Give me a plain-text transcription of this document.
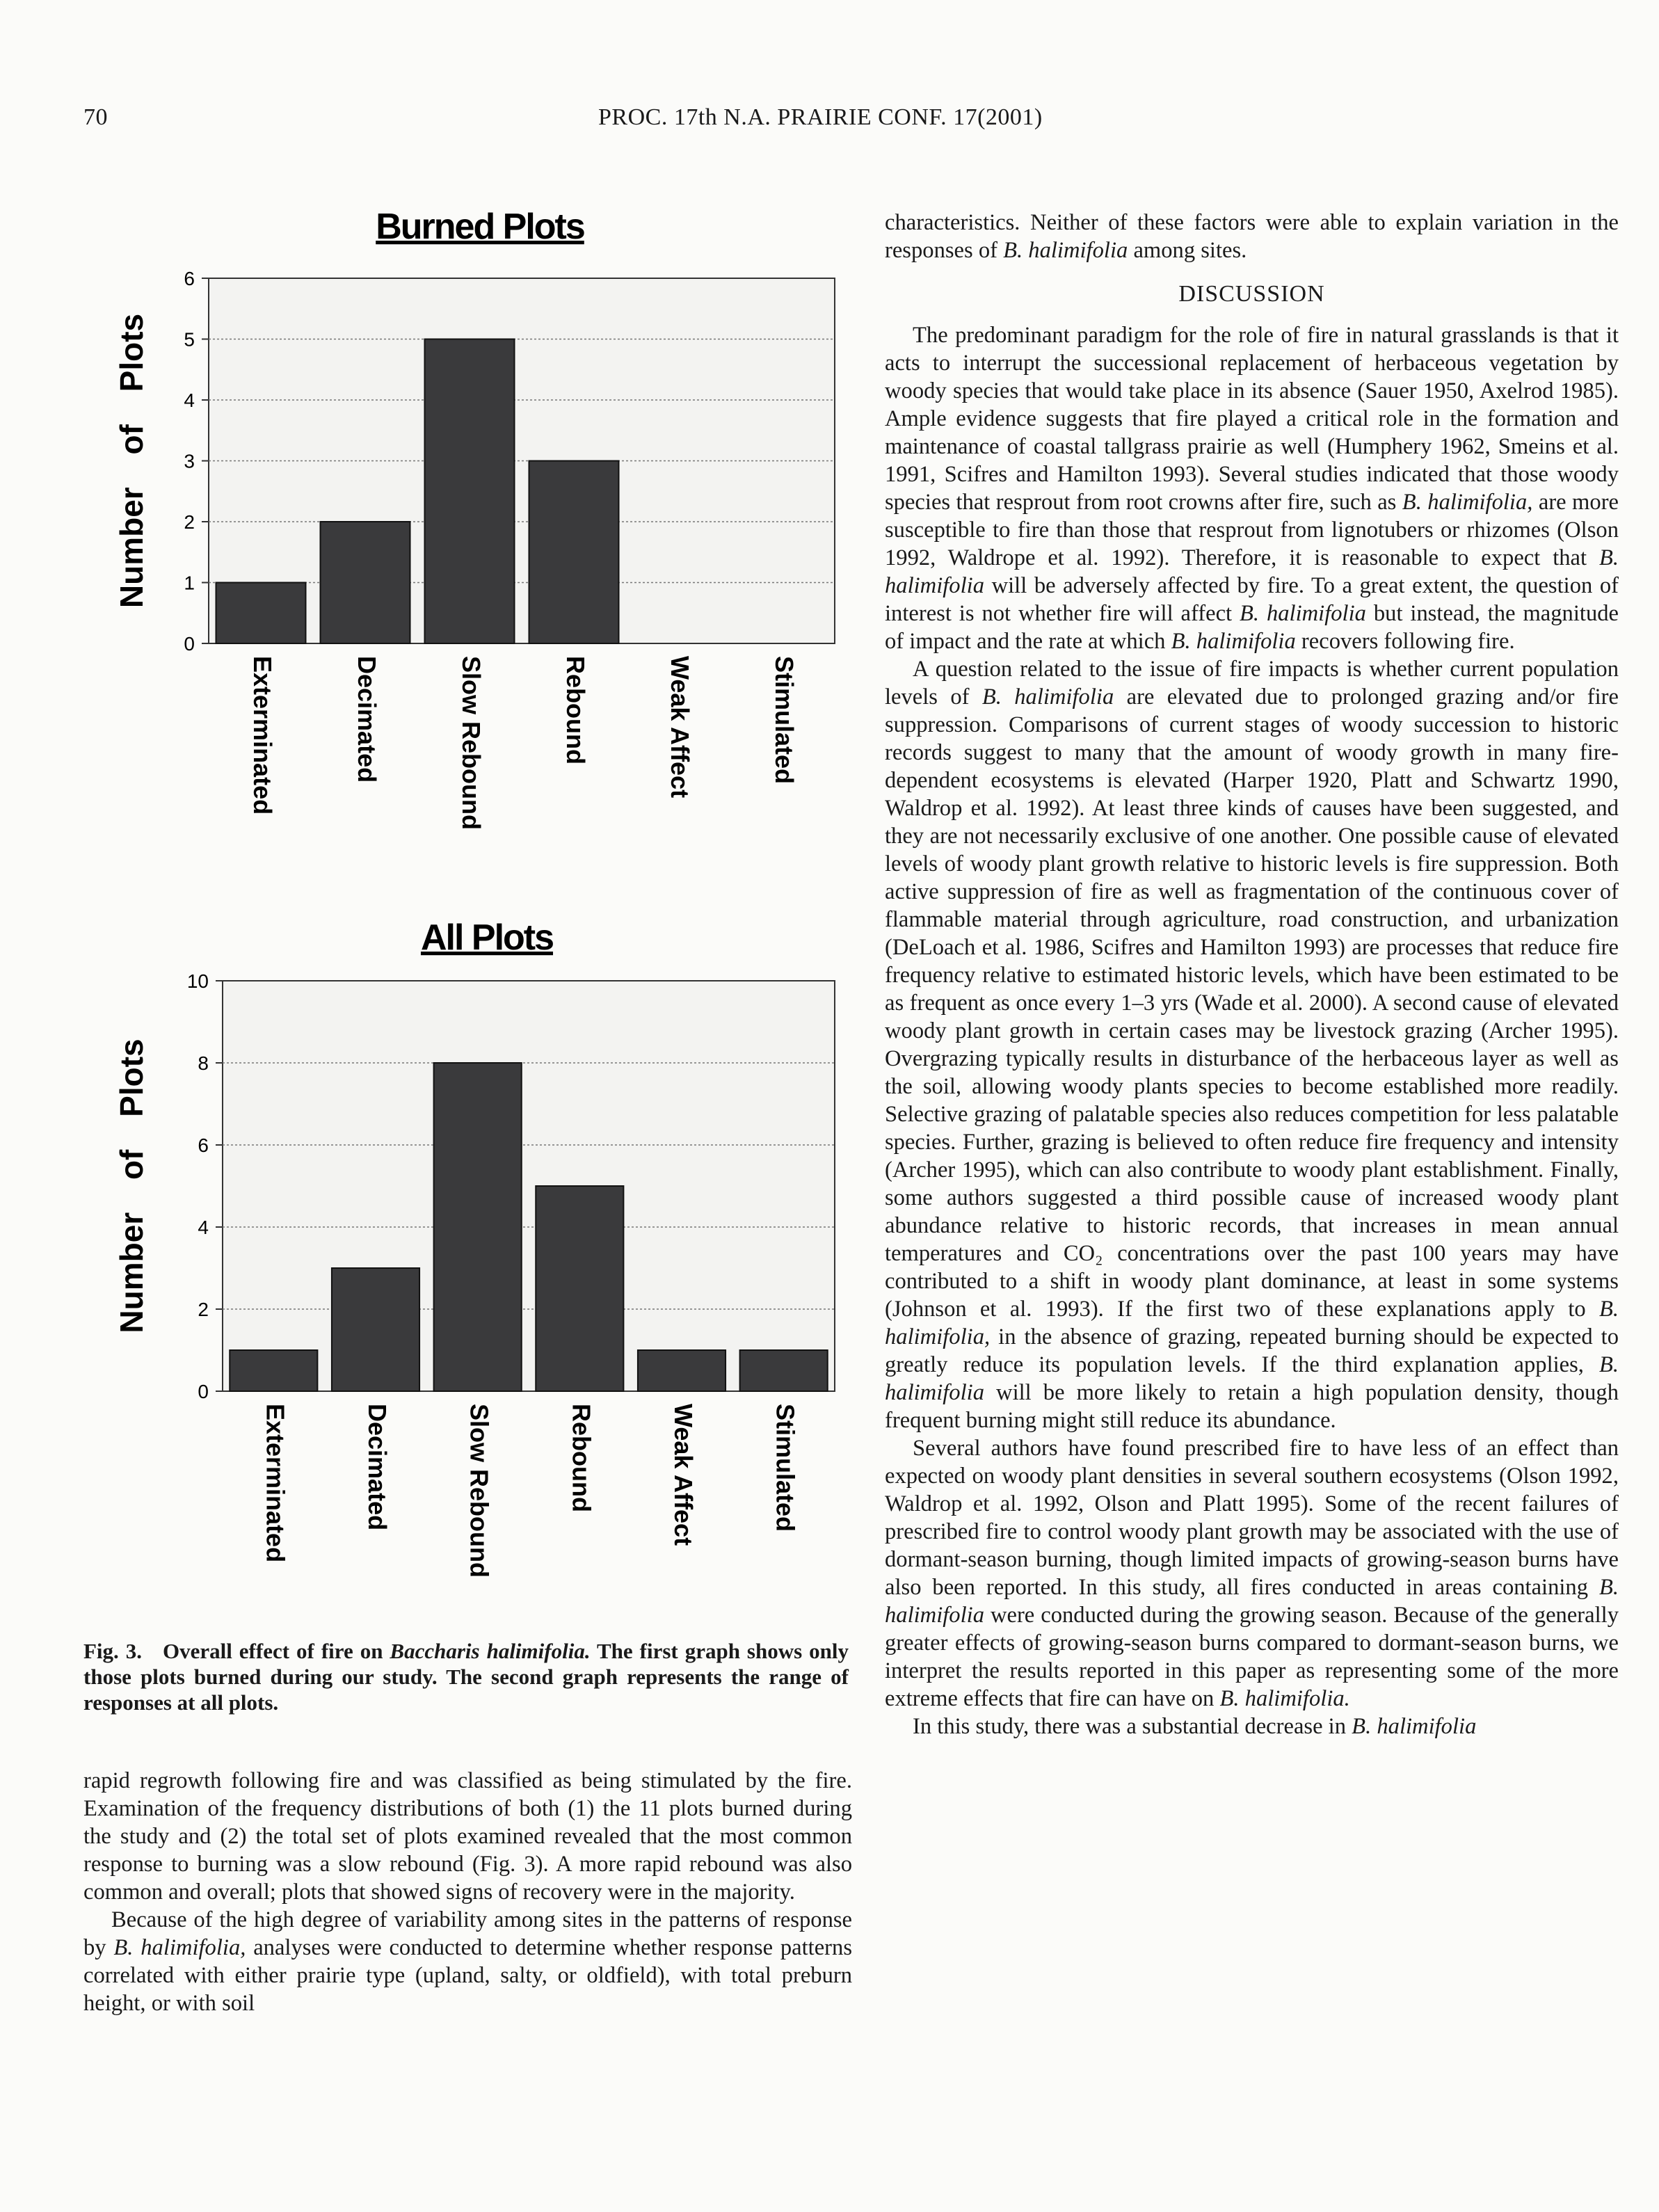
70	PROC. 17th N.A. PRAIRIE CONF. 17(2001)
Burned Plots
0
1
2
3
4
5
6
Exterminated	Decimated	Slow Rebound	Rebound	Weak Affect	Stimulated
Number of Plots
All Plots
0
2
4
6
8
10
Exterminated	Decimated	Slow Rebound	Rebound	Weak Affect	Stimulated
Number of Plots
Fig. 3. Overall effect of fire on Baccharis halimifolia. The first graph shows only those plots burned during our study. The second graph represents the range of responses at all plots.

rapid regrowth following fire and was classified as being stimulated by the fire. Examination of the frequency distributions of both (1) the 11 plots burned during the study and (2) the total set of plots examined revealed that the most common response to burning was a slow rebound (Fig. 3). A more rapid rebound was also common and overall; plots that showed signs of recovery were in the majority.

Because of the high degree of variability among sites in the patterns of response by B. halimifolia, analyses were conducted to determine whether response patterns correlated with either prairie type (upland, salty, or oldfield), with total preburn height, or with soil

characteristics. Neither of these factors were able to explain variation in the responses of B. halimifolia among sites.

DISCUSSION

The predominant paradigm for the role of fire in natural grasslands is that it acts to interrupt the successional replacement of herbaceous vegetation by woody species that would take place in its absence (Sauer 1950, Axelrod 1985). Ample evidence suggests that fire played a critical role in the formation and maintenance of coastal tallgrass prairie as well (Humphery 1962, Smeins et al. 1991, Scifres and Hamilton 1993). Several studies indicated that those woody species that resprout from root crowns after fire, such as B. halimifolia, are more susceptible to fire than those that resprout from lignotubers or rhizomes (Olson 1992, Waldrope et al. 1992). Therefore, it is reasonable to expect that B. halimifolia will be adversely affected by fire. To a great extent, the question of interest is not whether fire will affect B. halimifolia but instead, the magnitude of impact and the rate at which B. halimifolia recovers following fire.

A question related to the issue of fire impacts is whether current population levels of B. halimifolia are elevated due to prolonged grazing and/or fire suppression. Comparisons of current stages of woody succession to historic records suggest to many that the amount of woody growth in many fire-dependent ecosystems is elevated (Harper 1920, Platt and Schwartz 1990, Waldrop et al. 1992). At least three kinds of causes have been suggested, and they are not necessarily exclusive of one another. One possible cause of elevated levels of woody plant growth relative to historic levels is fire suppression. Both active suppression of fire as well as fragmentation of the continuous cover of flammable material through agriculture, road construction, and urbanization (DeLoach et al. 1986, Scifres and Hamilton 1993) are processes that reduce fire frequency relative to estimated historic levels, which have been estimated to be as frequent as once every 1–3 yrs (Wade et al. 2000). A second cause of elevated woody plant growth in certain cases may be livestock grazing (Archer 1995). Overgrazing typically results in disturbance of the herbaceous layer as well as the soil, allowing woody plants species to become established more readily. Selective grazing of palatable species also reduces competition for less palatable species. Further, grazing is believed to often reduce fire frequency and intensity (Archer 1995), which can also contribute to woody plant establishment. Finally, some authors suggested a third possible cause of increased woody plant abundance relative to historic records, that increases in mean annual temperatures and CO₂ concentrations over the past 100 years may have contributed to a shift in woody plant dominance, at least in some systems (Johnson et al. 1993). If the first two of these explanations apply to B. halimifolia, in the absence of grazing, repeated burning should be expected to greatly reduce its population levels. If the third explanation applies, B. halimifolia will be more likely to retain a high population density, though frequent burning might still reduce its abundance.

Several authors have found prescribed fire to have less of an effect than expected on woody plant densities in several southern ecosystems (Olson 1992, Waldrop et al. 1992, Olson and Platt 1995). Some of the recent failures of prescribed fire to control woody plant growth may be associated with the use of dormant-season burning, though limited impacts of growing-season burns have also been reported. In this study, all fires conducted in areas containing B. halimifolia were conducted during the growing season. Because of the generally greater effects of growing-season burns compared to dormant-season burns, we interpret the results reported in this paper as representing some of the more extreme effects that fire can have on B. halimifolia.

In this study, there was a substantial decrease in B. halimifolia
